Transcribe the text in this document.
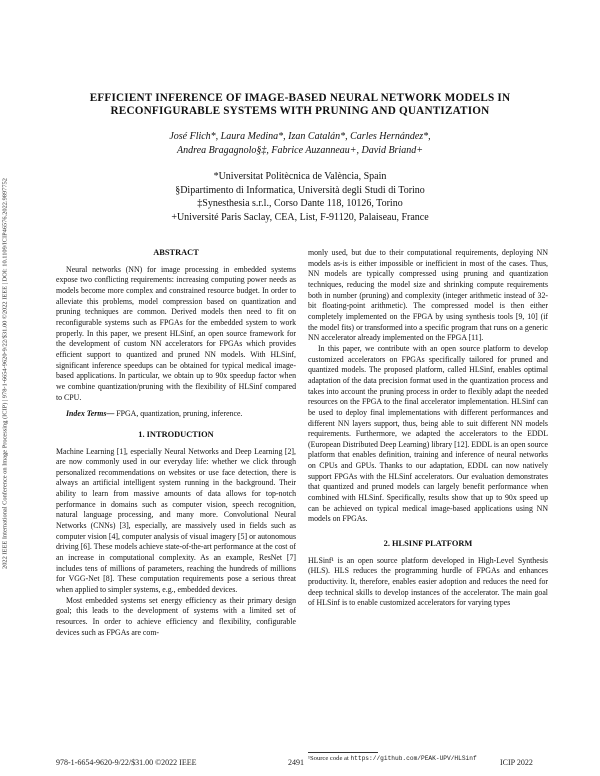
2022 IEEE International Conference on Image Processing (ICIP) | 978-1-6654-9620-9/22/$31.00 ©2022 IEEE | DOI: 10.1109/ICIP46576.2022.9897752
EFFICIENT INFERENCE OF IMAGE-BASED NEURAL NETWORK MODELS IN
RECONFIGURABLE SYSTEMS WITH PRUNING AND QUANTIZATION
José Flich*, Laura Medina*, Izan Catalán*, Carles Hernández*,
Andrea Bragagnolo§‡, Fabrice Auzanneau+, David Briand+
*Universitat Politècnica de València, Spain
§Dipartimento di Informatica, Università degli Studi di Torino
‡Synesthesia s.r.l., Corso Dante 118, 10126, Torino
+Université Paris Saclay, CEA, List, F-91120, Palaiseau, France

ABSTRACT

Neural networks (NN) for image processing in embedded systems expose two conflicting requirements: increasing computing power needs as models become more complex and constrained resource budget. In order to alleviate this problems, model compression based on quantization and pruning techniques are common. Derived models then need to fit on reconfigurable systems such as FPGAs for the embedded system to work properly. In this paper, we present HLSinf, an open source framework for the development of custom NN accelerators for FPGAs which provides efficient support to quantized and pruned NN models. With HLSinf, significant inference speedups can be obtained for typical medical image-based applications. In particular, we obtain up to 90x speedup factor when we combine quantization/pruning with the flexibility of HLSinf compared to CPU.

Index Terms— FPGA, quantization, pruning, inference.

1. INTRODUCTION

Machine Learning [1], especially Neural Networks and Deep Learning [2], are now commonly used in our everyday life: whether we click through personalized recommendations on websites or use face detection, there is always an artificial intelligent system running in the background. Their ability to learn from massive amounts of data allows for top-notch performance in domains such as computer vision, speech recognition, natural language processing, and many more. Convolutional Neural Networks (CNNs) [3], especially, are massively used in fields such as computer vision [4], computer analysis of visual imagery [5] or autonomous driving [6]. These models achieve state-of-the-art performance at the cost of an increase in computational complexity. As an example, ResNet [7] includes tens of millions of parameters, reaching the hundreds of millions for VGG-Net [8]. These computation requirements pose a serious threat when applied to simpler systems, e.g., embedded devices.

Most embedded systems set energy efficiency as their primary design goal; this leads to the development of systems with a limited set of resources. In order to achieve efficiency and flexibility, configurable devices such as FPGAs are com-

monly used, but due to their computational requirements, deploying NN models as-is is either impossible or inefficient in most of the cases. Thus, NN models are typically compressed using pruning and quantization techniques, reducing the model size and shrinking compute requirements both in number (pruning) and complexity (integer arithmetic instead of 32-bit floating-point arithmetic). The compressed model is then either completely implemented on the FPGA by using synthesis tools [9, 10] (if the model fits) or transformed into a specific program that runs on a generic NN accelerator already implemented on the FPGA [11].

In this paper, we contribute with an open source platform to develop customized accelerators on FPGAs specifically tailored for pruned and quantized models. The proposed platform, called HLSinf, enables optimal adaptation of the data precision format used in the quantization process and takes into account the pruning process in order to flexibly adapt the needed resources on the FPGA to the final accelerator implementation. HLSinf can be used to deploy final implementations with different performances and different NN layers support, thus, being able to suit different NN models requirements. Furthermore, we adapted the accelerators to the EDDL (European Distributed Deep Learning) library [12]. EDDL is an open source platform that enables definition, training and inference of neural networks on CPUs and GPUs. Thanks to our adaptation, EDDL can now natively support FPGAs with the HLSinf accelerators. Our evaluation demonstrates that quantized and pruned models can largely benefit performance when combined with HLSinf. Specifically, results show that up to 90x speed up can be achieved on typical medical image-based applications using NN models on FPGAs.

2. HLSINF PLATFORM

HLSinf¹ is an open source platform developed in High-Level Synthesis (HLS). HLS reduces the programming hurdle of FPGAs and enhances productivity. It, therefore, enables easier adoption and reduces the need for deep technical skills to develop instances of the accelerator. The main goal of HLSinf is to enable customized accelerators for varying types

¹Source code at https://github.com/PEAK-UPV/HLSinf
978-1-6654-9620-9/22/$31.00 ©2022 IEEE	2491	ICIP 2022
